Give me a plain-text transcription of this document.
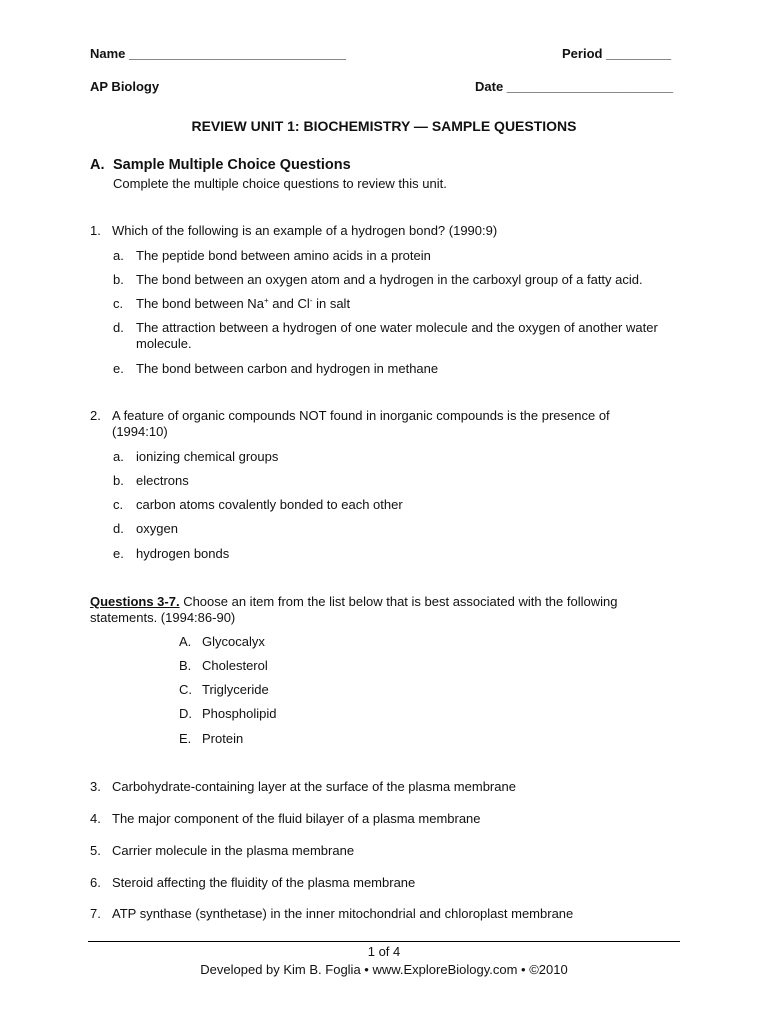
Name ______________________________	Period _________
AP Biology	Date _______________________
REVIEW UNIT 1: BIOCHEMISTRY — SAMPLE QUESTIONS
A. Sample Multiple Choice Questions
Complete the multiple choice questions to review this unit.
1. Which of the following is an example of a hydrogen bond? (1990:9)
a. The peptide bond between amino acids in a protein
b. The bond between an oxygen atom and a hydrogen in the carboxyl group of a fatty acid.
c. The bond between Na+ and Cl- in salt
d. The attraction between a hydrogen of one water molecule and the oxygen of another water molecule.
e. The bond between carbon and hydrogen in methane
2. A feature of organic compounds NOT found in inorganic compounds is the presence of (1994:10)
a. ionizing chemical groups
b. electrons
c. carbon atoms covalently bonded to each other
d. oxygen
e. hydrogen bonds
Questions 3-7. Choose an item from the list below that is best associated with the following statements. (1994:86-90)
A. Glycocalyx
B. Cholesterol
C. Triglyceride
D. Phospholipid
E. Protein
3. Carbohydrate-containing layer at the surface of the plasma membrane
4. The major component of the fluid bilayer of a plasma membrane
5. Carrier molecule in the plasma membrane
6. Steroid affecting the fluidity of the plasma membrane
7. ATP synthase (synthetase) in the inner mitochondrial and chloroplast membrane
1 of 4
Developed by Kim B. Foglia • www.ExploreBiology.com • ©2010
